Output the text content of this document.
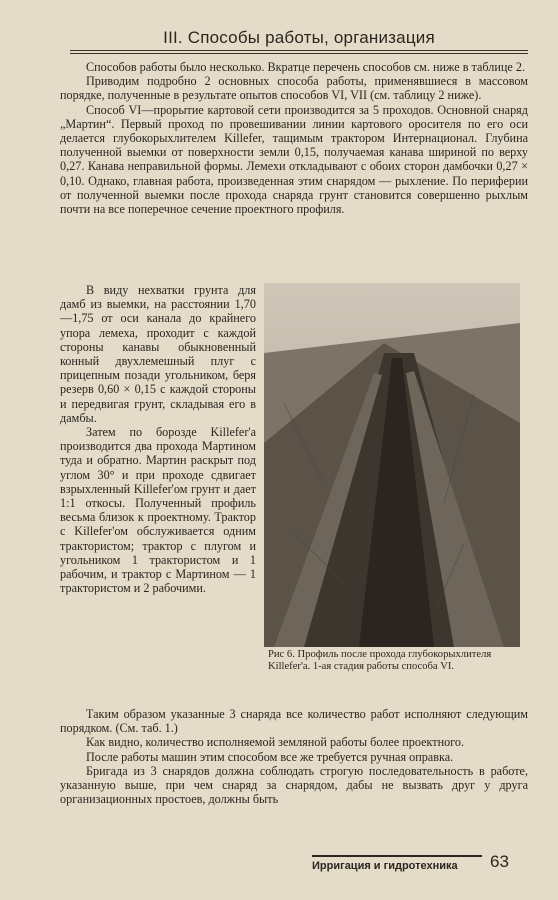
III. Способы работы, организация

Способов работы было несколько. Вкратце перечень способов см. ниже в таблице 2.

Приводим подробно 2 основных способа работы, применявшиеся в массовом порядке, полученные в результате опытов способов VI, VII (см. таблицу 2 ниже).

Способ VI—прорытие картовой сети производится за 5 проходов. Основной снаряд „Мартин“. Первый проход по провешивании линии картового оросителя по его оси делается глубокорыхлителем Killefer, тащимым трактором Интернационал. Глубина полученной выемки от поверхности земли 0,15, получаемая канава шириной по верху 0,27. Канава неправильной формы. Лемехи откладывают с обоих сторон дамбочки 0,27 × 0,10. Однако, главная работа, произведенная этим снарядом — рыхление. По периферии от полученной выемки после прохода снаряда грунт становится совершенно рыхлым почти на все поперечное сечение проектного профиля.

В виду нехватки грунта для дамб из выемки, на расстоянии 1,70—1,75 от оси канала до крайнего упора лемеха, проходит с каждой стороны канавы обыкновенный конный двухлемешный плуг с прицепным позади угольником, беря резерв 0,60 × 0,15 с каждой стороны и передвигая грунт, складывая его в дамбы.

Затем по борозде Killefer'a производится два прохода Мартином туда и обратно. Мартин раскрыт под углом 30° и при проходе сдвигает взрыхленный Killefer'ом грунт и дает 1:1 откосы. Полученный профиль весьма близок к проектному. Трактор с Killefer'ом обслуживается одним трактористом; трактор с плугом и угольником 1 трактористом и 1 рабочим, и трактор с Мартином — 1 трактористом и 2 рабочими.

Рис 6. Профиль после прохода глубокорыхлителя Killefer'a. 1-ая стадия работы способа VI.

Таким образом указанные 3 снаряда все количество работ исполняют следующим порядком. (См. таб. 1.)

Как видно, количество исполняемой земляной работы более проектного.

После работы машин этим способом все же требуется ручная оправка.

Бригада из 3 снарядов должна соблюдать строгую последовательность в работе, указанную выше, при чем снаряд за снарядом, дабы не вызвать друг у друга организационных простоев, должны быть

Ирригация и гидротехника 63
